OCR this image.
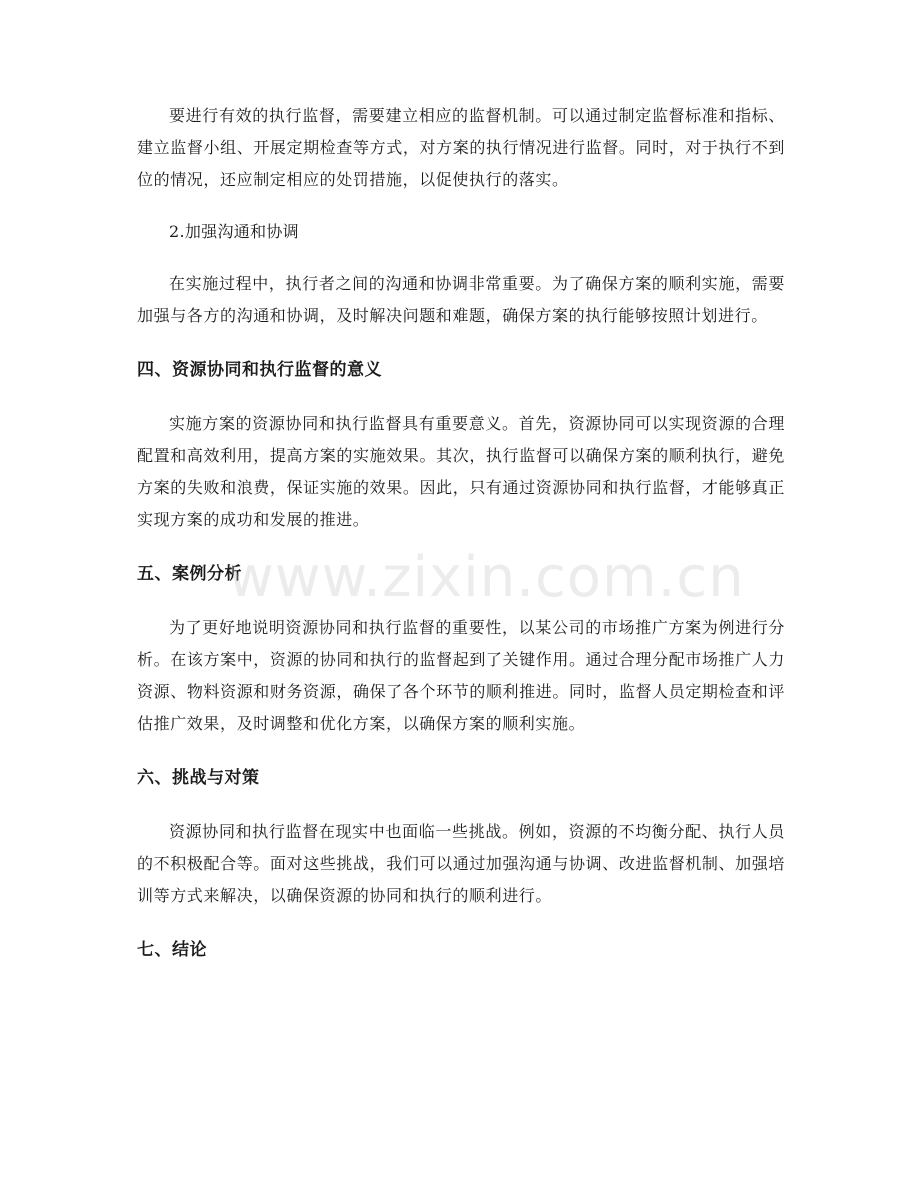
要进行有效的执行监督，需要建立相应的监督机制。可以通过制定监督标准和指标、建立监督小组、开展定期检查等方式，对方案的执行情况进行监督。同时，对于执行不到位的情况，还应制定相应的处罚措施，以促使执行的落实。

2.加强沟通和协调

在实施过程中，执行者之间的沟通和协调非常重要。为了确保方案的顺利实施，需要加强与各方的沟通和协调，及时解决问题和难题，确保方案的执行能够按照计划进行。

四、资源协同和执行监督的意义

实施方案的资源协同和执行监督具有重要意义。首先，资源协同可以实现资源的合理配置和高效利用，提高方案的实施效果。其次，执行监督可以确保方案的顺利执行，避免方案的失败和浪费，保证实施的效果。因此，只有通过资源协同和执行监督，才能够真正实现方案的成功和发展的推进。

五、案例分析

为了更好地说明资源协同和执行监督的重要性，以某公司的市场推广方案为例进行分析。在该方案中，资源的协同和执行的监督起到了关键作用。通过合理分配市场推广人力资源、物料资源和财务资源，确保了各个环节的顺利推进。同时，监督人员定期检查和评估推广效果，及时调整和优化方案，以确保方案的顺利实施。

六、挑战与对策

资源协同和执行监督在现实中也面临一些挑战。例如，资源的不均衡分配、执行人员的不积极配合等。面对这些挑战，我们可以通过加强沟通与协调、改进监督机制、加强培训等方式来解决，以确保资源的协同和执行的顺利进行。

七、结论
www.zixin.com.cn
